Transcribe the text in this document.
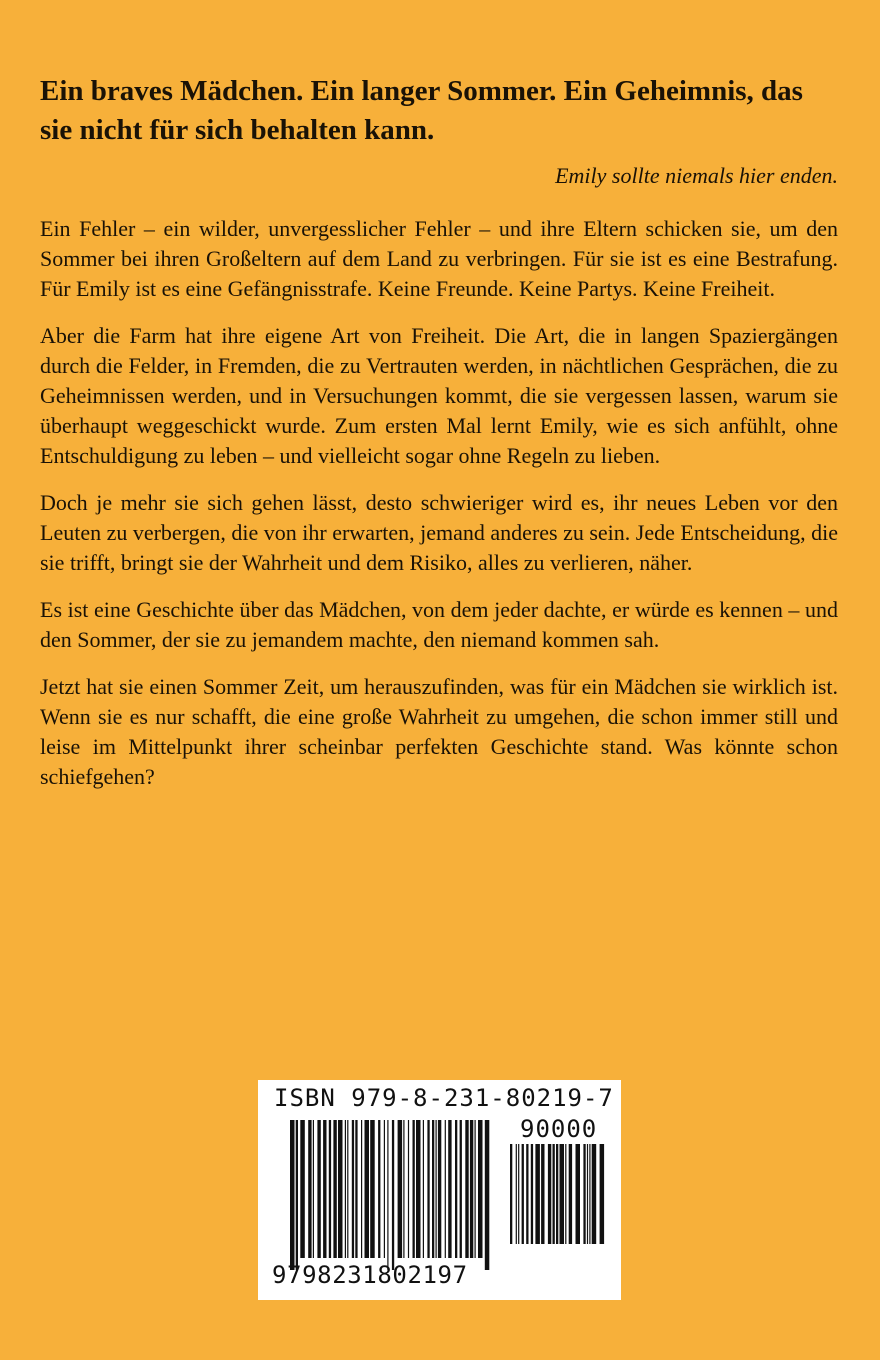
Ein braves Mädchen. Ein langer Sommer. Ein Geheimnis, das sie nicht für sich behalten kann.

Emily sollte niemals hier enden.

Ein Fehler – ein wilder, unvergesslicher Fehler – und ihre Eltern schicken sie, um den Sommer bei ihren Großeltern auf dem Land zu verbringen. Für sie ist es eine Bestrafung. Für Emily ist es eine Gefängnisstrafe. Keine Freunde. Keine Partys. Keine Freiheit.

Aber die Farm hat ihre eigene Art von Freiheit. Die Art, die in langen Spaziergängen durch die Felder, in Fremden, die zu Vertrauten werden, in nächtlichen Gesprächen, die zu Geheimnissen werden, und in Versuchungen kommt, die sie vergessen lassen, warum sie überhaupt weggeschickt wurde. Zum ersten Mal lernt Emily, wie es sich anfühlt, ohne Entschuldigung zu leben – und vielleicht sogar ohne Regeln zu lieben.

Doch je mehr sie sich gehen lässt, desto schwieriger wird es, ihr neues Leben vor den Leuten zu verbergen, die von ihr erwarten, jemand anderes zu sein. Jede Entscheidung, die sie trifft, bringt sie der Wahrheit und dem Risiko, alles zu verlieren, näher.

Es ist eine Geschichte über das Mädchen, von dem jeder dachte, er würde es kennen – und den Sommer, der sie zu jemandem machte, den niemand kommen sah.

Jetzt hat sie einen Sommer Zeit, um herauszufinden, was für ein Mädchen sie wirklich ist. Wenn sie es nur schafft, die eine große Wahrheit zu umgehen, die schon immer still und leise im Mittelpunkt ihrer scheinbar perfekten Geschichte stand. Was könnte schon schiefgehen?

ISBN 979-8-231-80219-7
90000
9798231802197
